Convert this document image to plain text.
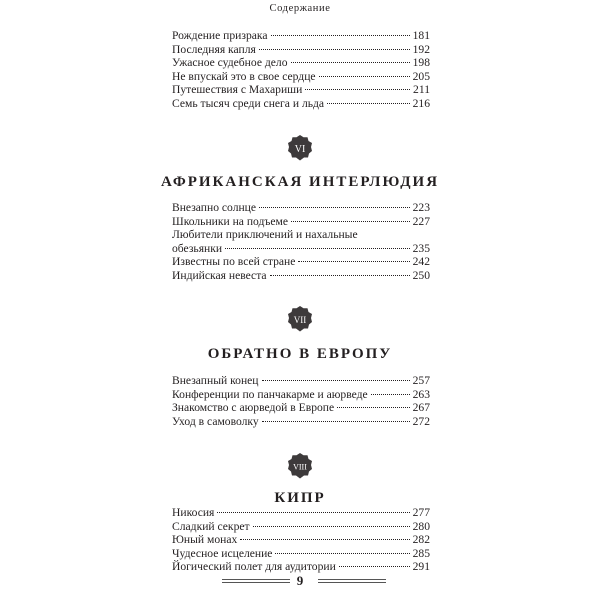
Содержание
Рождение призрака	181
Последняя капля	192
Ужасное судебное дело	198
Не впускай это в свое сердце	205
Путешествия с Махариши	211
Семь тысяч среди снега и льда	216
VI
АФРИКАНСКАЯ ИНТЕРЛЮДИЯ
Внезапно солнце	223
Школьники на подъеме	227
Любители приключений и нахальные
обезьянки	235
Известны по всей стране	242
Индийская невеста	250
VII
ОБРАТНО В ЕВРОПУ
Внезапный конец	257
Конференции по панчакарме и аюрведе	263
Знакомство с аюрведой в Европе	267
Уход в самоволку	272
VIII
КИПР
Никосия	277
Сладкий секрет	280
Юный монах	282
Чудесное исцеление	285
Йогический полет для аудитории	291
9
